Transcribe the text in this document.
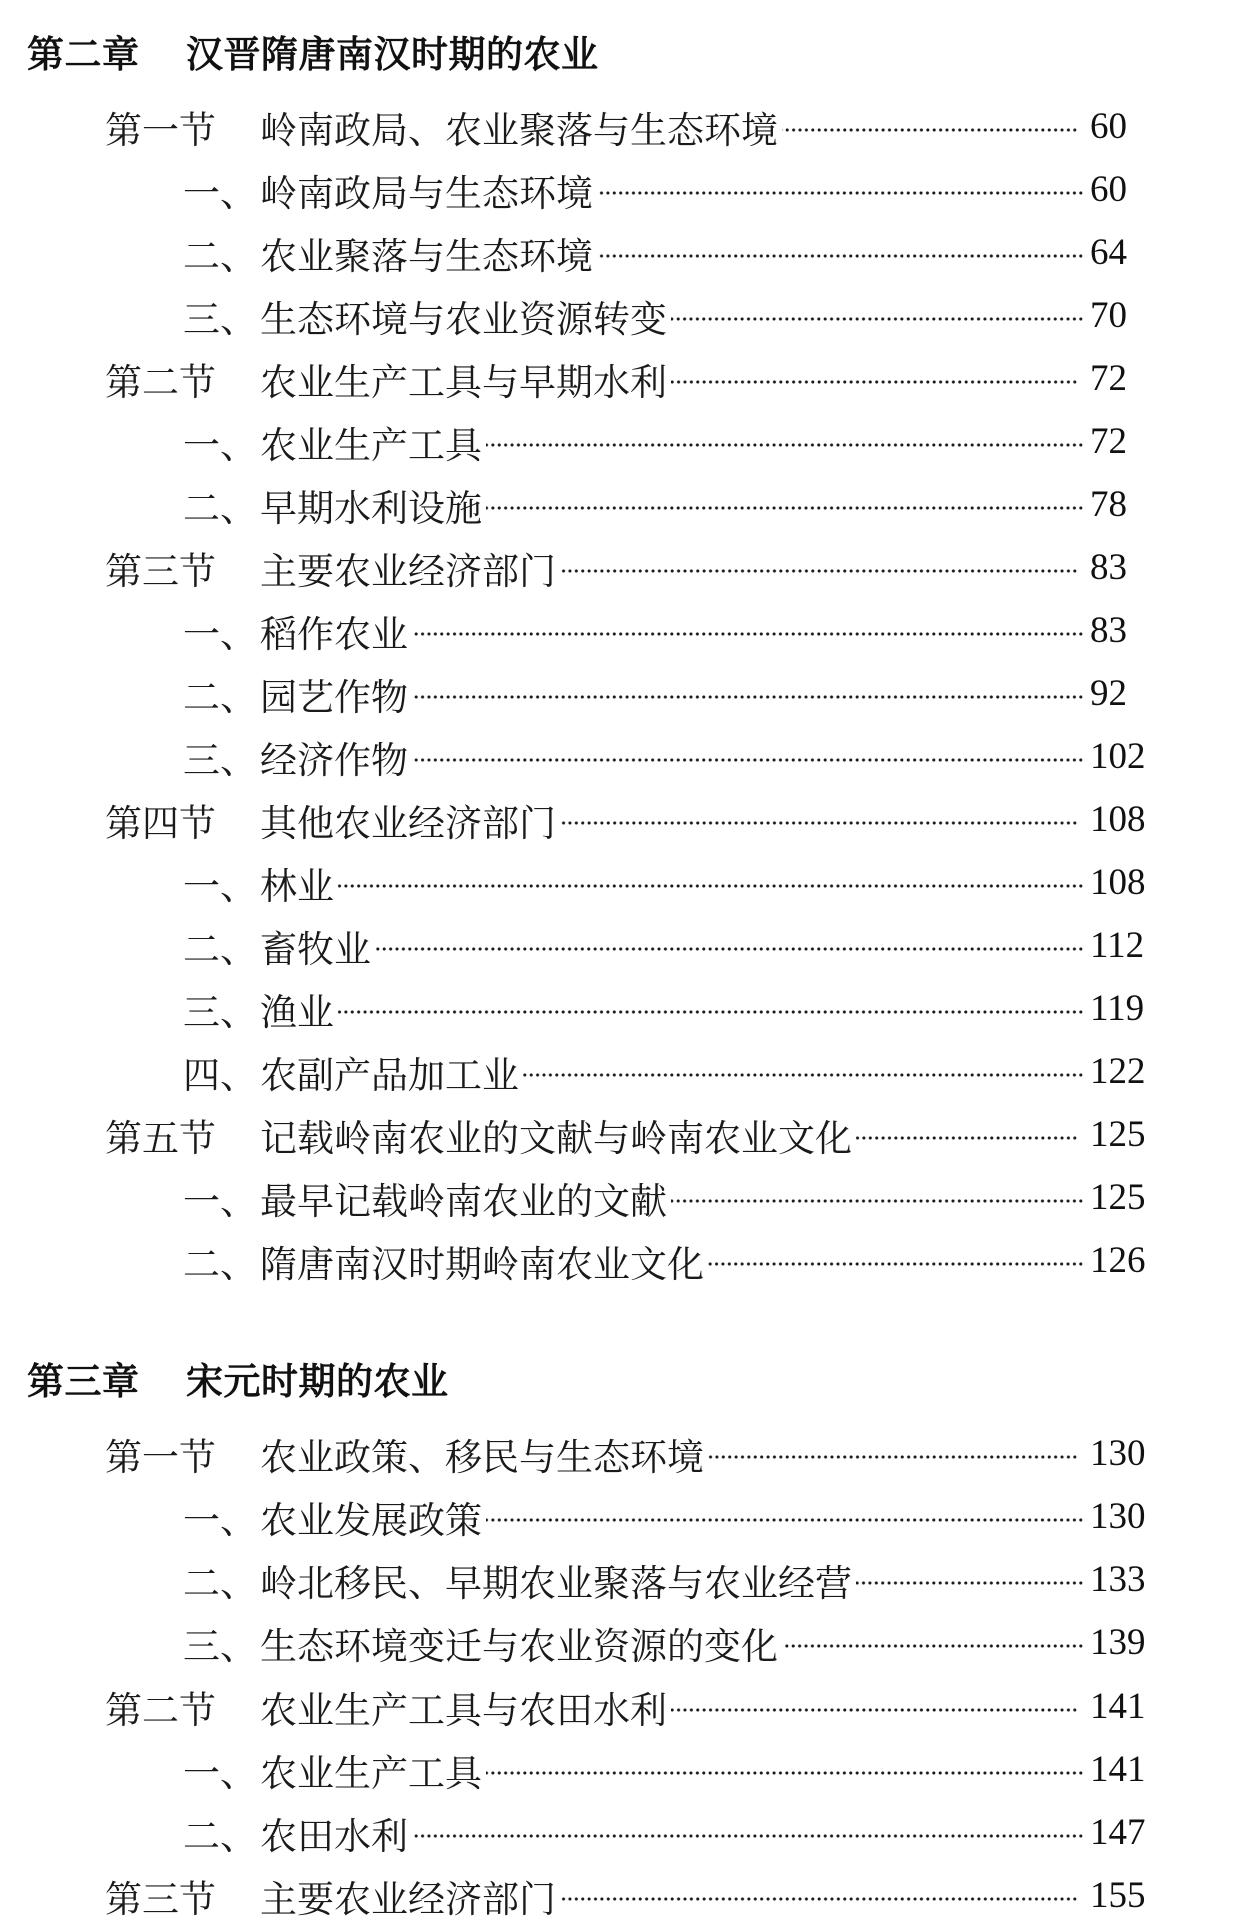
第二章	汉晋隋唐南汉时期的农业
第一节 岭南政局、农业聚落与生态环境	60
一、 岭南政局与生态环境	60
二、 农业聚落与生态环境	64
三、 生态环境与农业资源转变	70
第二节 农业生产工具与早期水利	72
一、 农业生产工具	72
二、 早期水利设施	78
第三节 主要农业经济部门	83
一、 稻作农业	83
二、 园艺作物	92
三、 经济作物	102
第四节 其他农业经济部门	108
一、 林业	108
二、 畜牧业	112
三、 渔业	119
四、 农副产品加工业	122
第五节 记载岭南农业的文献与岭南农业文化	125
一、 最早记载岭南农业的文献	125
二、 隋唐南汉时期岭南农业文化	126
第三章	宋元时期的农业
第一节 农业政策、移民与生态环境	130
一、 农业发展政策	130
二、 岭北移民、早期农业聚落与农业经营	133
三、 生态环境变迁与农业资源的变化	139
第二节 农业生产工具与农田水利	141
一、 农业生产工具	141
二、 农田水利	147
第三节 主要农业经济部门	155
